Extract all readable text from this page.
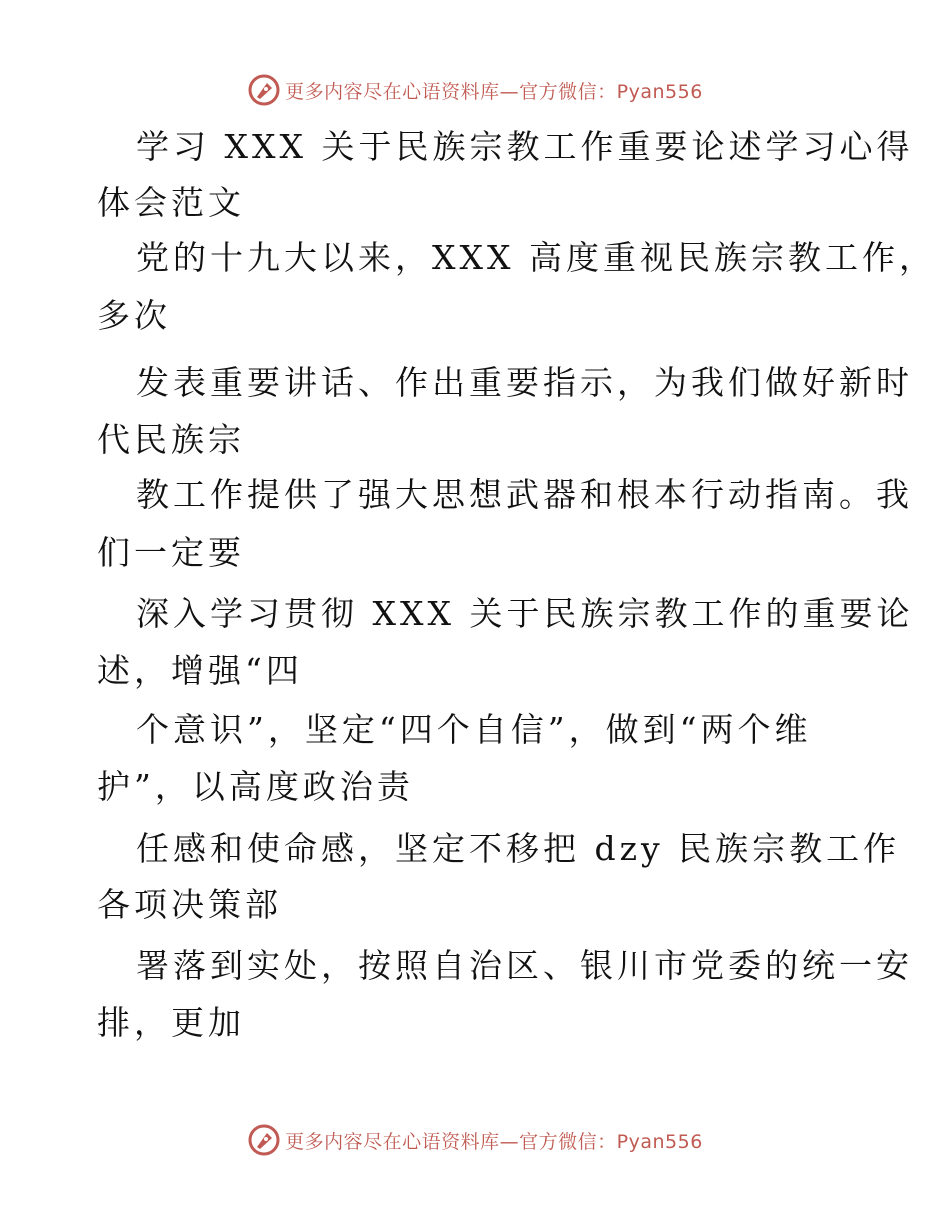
更多内容尽在心语资料库—官方微信：Pyan556
学习 XXX 关于民族宗教工作重要论述学习心得
体会范文
党的十九大以来，XXX 高度重视民族宗教工作，
多次
发表重要讲话、作出重要指示，为我们做好新时
代民族宗
教工作提供了强大思想武器和根本行动指南。我
们一定要
深入学习贯彻 XXX 关于民族宗教工作的重要论
述，增强“四
个意识”，坚定“四个自信”，做到“两个维
护”，以高度政治责
任感和使命感，坚定不移把 dzy 民族宗教工作
各项决策部
署落到实处，按照自治区、银川市党委的统一安
排，更加
更多内容尽在心语资料库—官方微信：Pyan556
